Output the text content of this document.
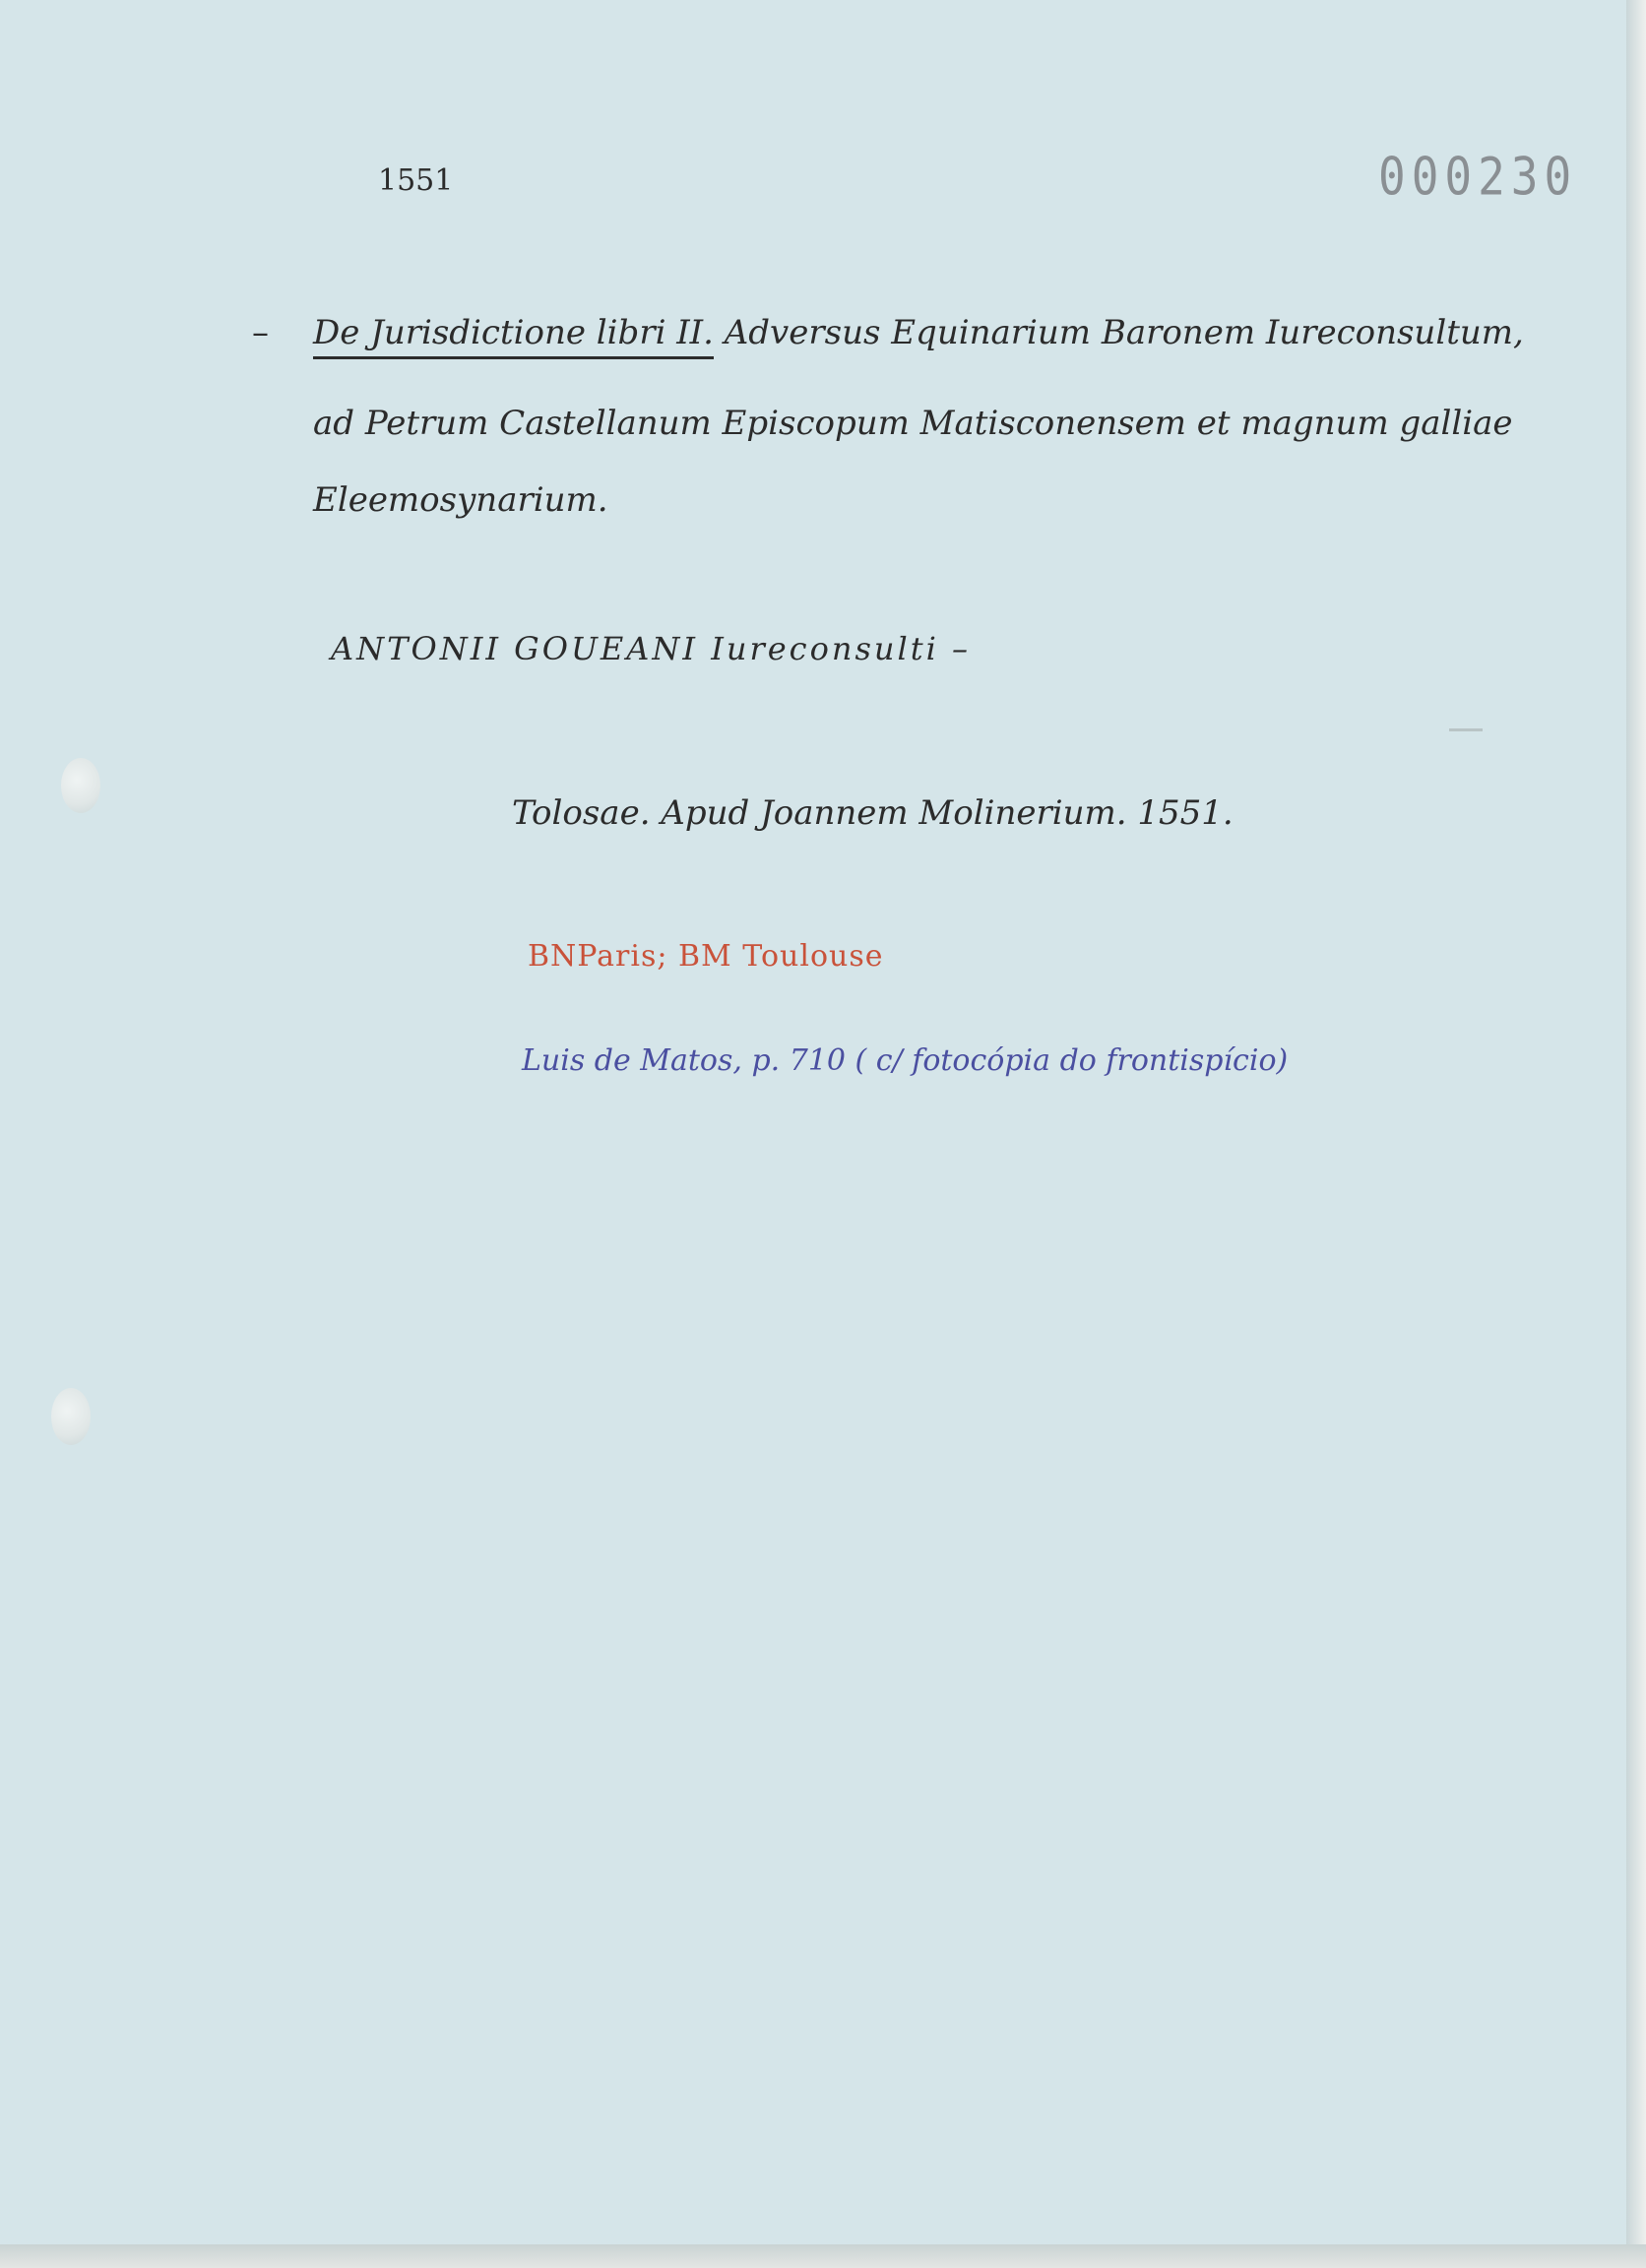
1551	000230

– De Jurisdictione libri II. Adversus Equinarium Baronem Iureconsultum,

ad Petrum Castellanum Episcopum Matisconensem et magnum galliae

Eleemosynarium.

ANTONII GOUEANI Iureconsulti –

Tolosae. Apud Joannem Molinerium. 1551.

BNParis; BM Toulouse

Luis de Matos, p. 710 ( c/ fotocópia do frontispício)
